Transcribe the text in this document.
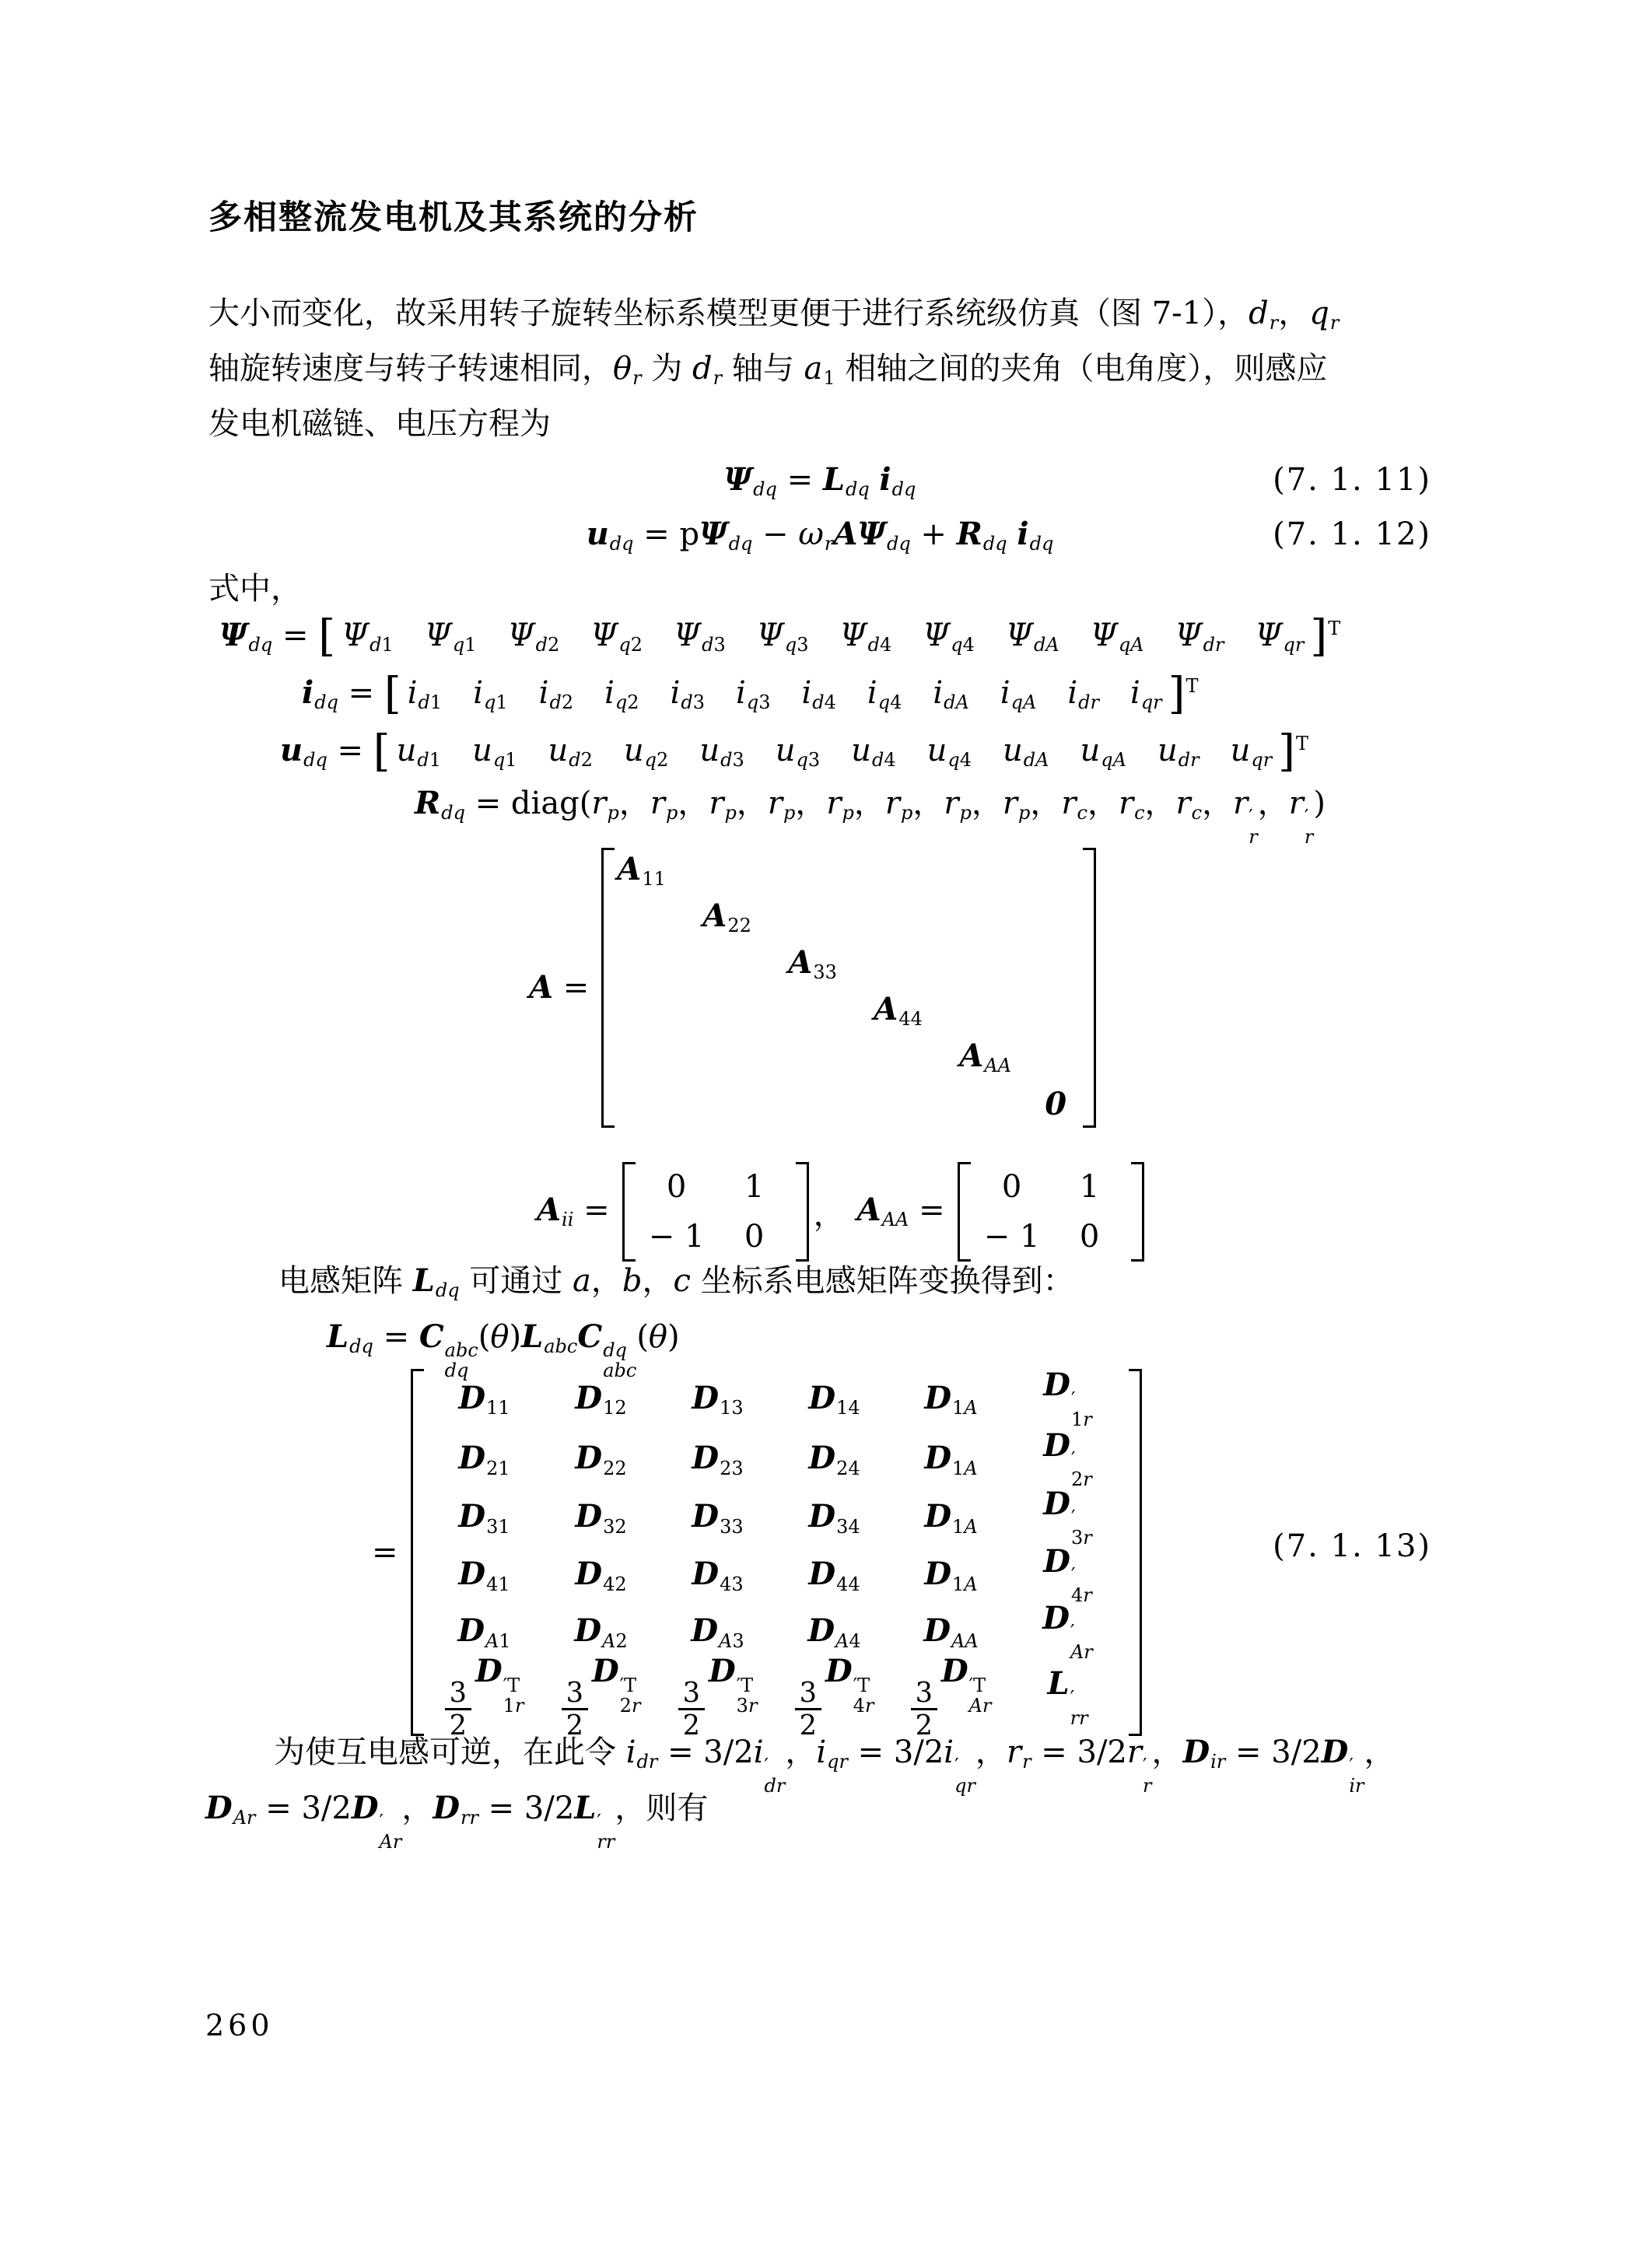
多相整流发电机及其系统的分析
大小而变化，故采用转子旋转坐标系模型更便于进行系统级仿真（图 7-1），$d_r$，$q_r$
轴旋转速度与转子转速相同，$\theta_r$ 为 $d_r$ 轴与 $a_1$ 相轴之间的夹角（电角度），则感应
发电机磁链、电压方程为
$\Psi_{dq} = L_{dq}$ $i_{dq}$	(7. 1. 11)
$u_{dq} = p\Psi_{dq} - \omega_rA\Psi_{dq} + R_{dq}$ $i_{dq}$	(7. 1. 12)
式中，
$\Psi_{dq}$ = [  $\Psi_{d1}$  $\Psi_{q1}$  $\Psi_{d2}$  $\Psi_{q2}$  $\Psi_{d3}$  $\Psi_{q3}$  $\Psi_{d4}$  $\Psi_{q4}$  $\Psi_{dA}$  $\Psi_{qA}$  $\Psi_{dr}$  $\Psi_{qr}$  ]$^T$
$i_{dq}$ = [  $i_{d1}$  $i_{q1}$  $i_{d2}$  $i_{q2}$  $i_{d3}$  $i_{q3}$  $i_{d4}$  $i_{q4}$  $i_{dA}$  $i_{qA}$  $i_{dr}$  $i_{qr}$  ]$^T$
$u_{dq}$ = [  $u_{d1}$  $u_{q1}$  $u_{d2}$  $u_{q2}$  $u_{d3}$  $u_{q3}$  $u_{d4}$  $u_{q4}$  $u_{dA}$  $u_{qA}$  $u_{dr}$  $u_{qr}$  ]$^T$
$R_{dq}$ = $diag(r_p$，$r_p$，$r_p$，$r_p$，$r_p$，$r_p$，$r_p$，$r_p$，$r_c$，$r_c$，$r_c$，r ′
r
，r ′
r
)
A =
$A_{11}$
$A_{22}$
$A_{33}$
$A_{44}$
$A_{AA}$
0
$A_{ii}$ =
0 1
− 1 0
， $A_{AA}$ =
0 1
− 1 0
电感矩阵 $L_{dq}$ 可通过 a，b，c 坐标系电感矩阵变换得到：
$L_{dq} = C$ abc
dq
$(\theta)L_{abc}C$ dq
abc
(θ)
=
$D_{11}$ $D_{12}$ $D_{13}$ $D_{14}$ $D_{1A}$
D ′
1r
$D_{21}$ $D_{22}$ $D_{23}$ $D_{24}$ $D_{1A}$
D ′
2r
$D_{31}$ $D_{32}$ $D_{33}$ $D_{34}$ $D_{1A}$
D ′
3r
$D_{41}$ $D_{42}$ $D_{43}$ $D_{44}$ $D_{1A}$
D ′
4r
$D_{A1}$ $D_{A2}$ $D_{A3}$ $D_{A4}$ $D_{AA}$
D ′
Ar
$\frac{3}{2}$
D ′T
$1r \frac{3}{2}$
D ′T
$2r \frac{3}{2}$
D ′T
$3r \frac{3}{2}$
D ′T
$4r \frac{3}{2}$
D ′T
Ar
L ′
rr
(7. 1. 13)
为使互电感可逆，在此令 $i_{dr} = 3/2i$ ′
dr
，$i_{qr} = 3/2i$ ′
qr
，$r_r = 3/2r$ ′
r
，$D_{ir} = 3/2D$ ′
ir
，
$D_{Ar} = 3/2D$ ′
Ar
，$D_{rr} = 3/2L$ ′
rr
，则有
260
